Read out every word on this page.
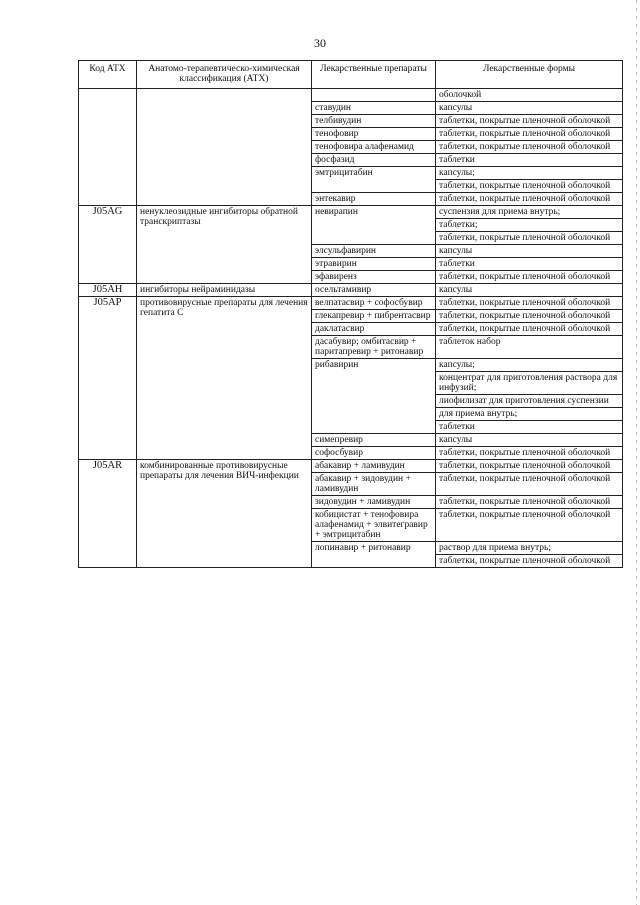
30
Код АТХ	Анатомо-терапевтическо-химическая классификация (АТХ)	Лекарственные препараты	Лекарственные формы
			оболочкой
		ставудин	капсулы
		телбивудин	таблетки, покрытые пленочной оболочкой
		тенофовир	таблетки, покрытые пленочной оболочкой
		тенофовира алафенамид	таблетки, покрытые пленочной оболочкой
		фосфазид	таблетки
		эмтрицитабин	капсулы;
			таблетки, покрытые пленочной оболочкой
		энтекавир	таблетки, покрытые пленочной оболочкой
J05AG	ненуклеозидные ингибиторы обратной транскриптазы	невирапин	суспензия для приема внутрь;
			таблетки;
			таблетки, покрытые пленочной оболочкой
		элсульфавирин	капсулы
		этравирин	таблетки
		эфавиренз	таблетки, покрытые пленочной оболочкой
J05AH	ингибиторы нейраминидазы	осельтамивир	капсулы
J05AP	противовирусные препараты для лечения гепатита C	велпатасвир + софосбувир	таблетки, покрытые пленочной оболочкой
		глекапревир + пибрентасвир	таблетки, покрытые пленочной оболочкой
		даклатасвир	таблетки, покрытые пленочной оболочкой
		дасабувир; омбитасвир + паритапревир + ритонавир	таблеток набор
		рибавирин	капсулы;
			концентрат для приготовления раствора для инфузий;
			лиофилизат для приготовления суспензии
			для приема внутрь;
			таблетки
		симепревир	капсулы
		софосбувир	таблетки, покрытые пленочной оболочкой
J05AR	комбинированные противовирусные препараты для лечения ВИЧ-инфекции	абакавир + ламивудин	таблетки, покрытые пленочной оболочкой
		абакавир + зидовудин + ламивудин	таблетки, покрытые пленочной оболочкой
		зидовудин + ламивудин	таблетки, покрытые пленочной оболочкой
		кобицистат + тенофовира алафенамид + элвитегравир + эмтрицитабин	таблетки, покрытые пленочной оболочкой
		лопинавир + ритонавир	раствор для приема внутрь;
			таблетки, покрытые пленочной оболочкой
